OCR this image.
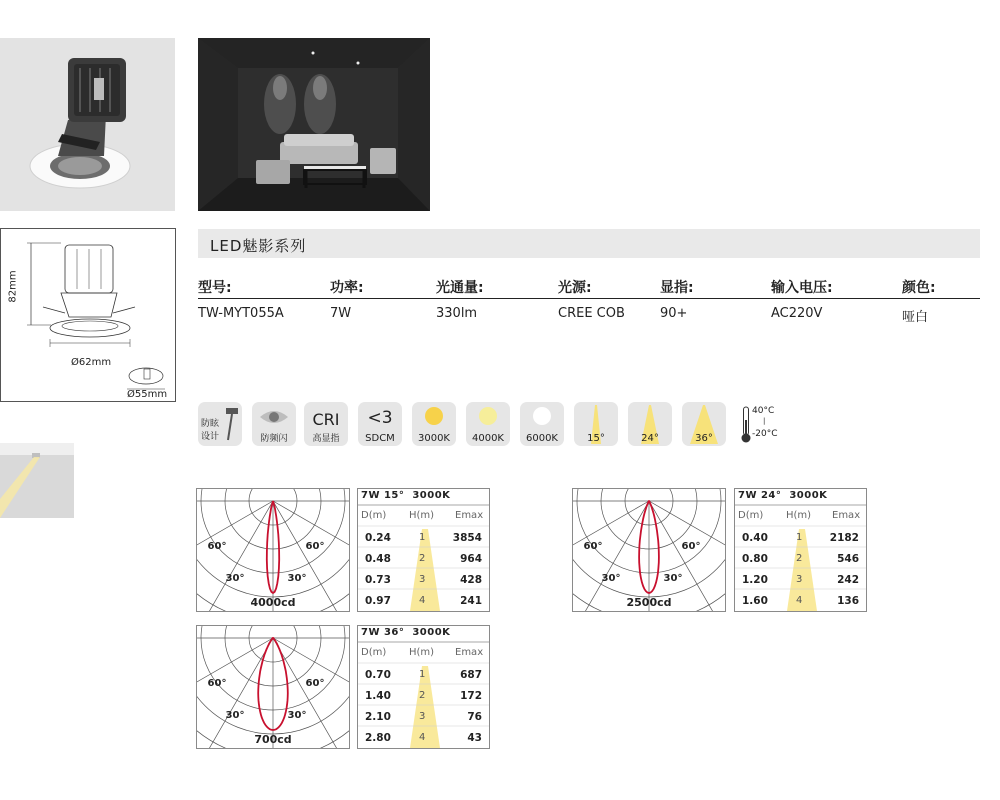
82mm
Ø62mm
Ø55mm
LED魅影系列
型号:	功率:	光通量:	光源:	显指:	输入电压:	颜色:
TW-MYT055A	7W	330lm	CREE COB	90+	AC220V	哑白
防眩
设计	防频闪
CRI
高显指
<3
SDCM	3000K	4000K	6000K	15°	24°	36°
40°C
|
-20°C
60°
30°
60°
30°
4000cd
7W 15°  3000K
D(m) H(m) Emax
0.24	1	3854
0.48	2	964
0.73	3	428
0.97	4	241
60°
30°
60°
30°
2500cd
7W 24°  3000K
D(m) H(m) Emax
0.40	1	2182
0.80	2	546
1.20	3	242
1.60	4	136
60°
30°
60°
30°
700cd
7W 36°  3000K
D(m) H(m) Emax
0.70	1	687
1.40	2	172
2.10	3	76
2.80	4	43
